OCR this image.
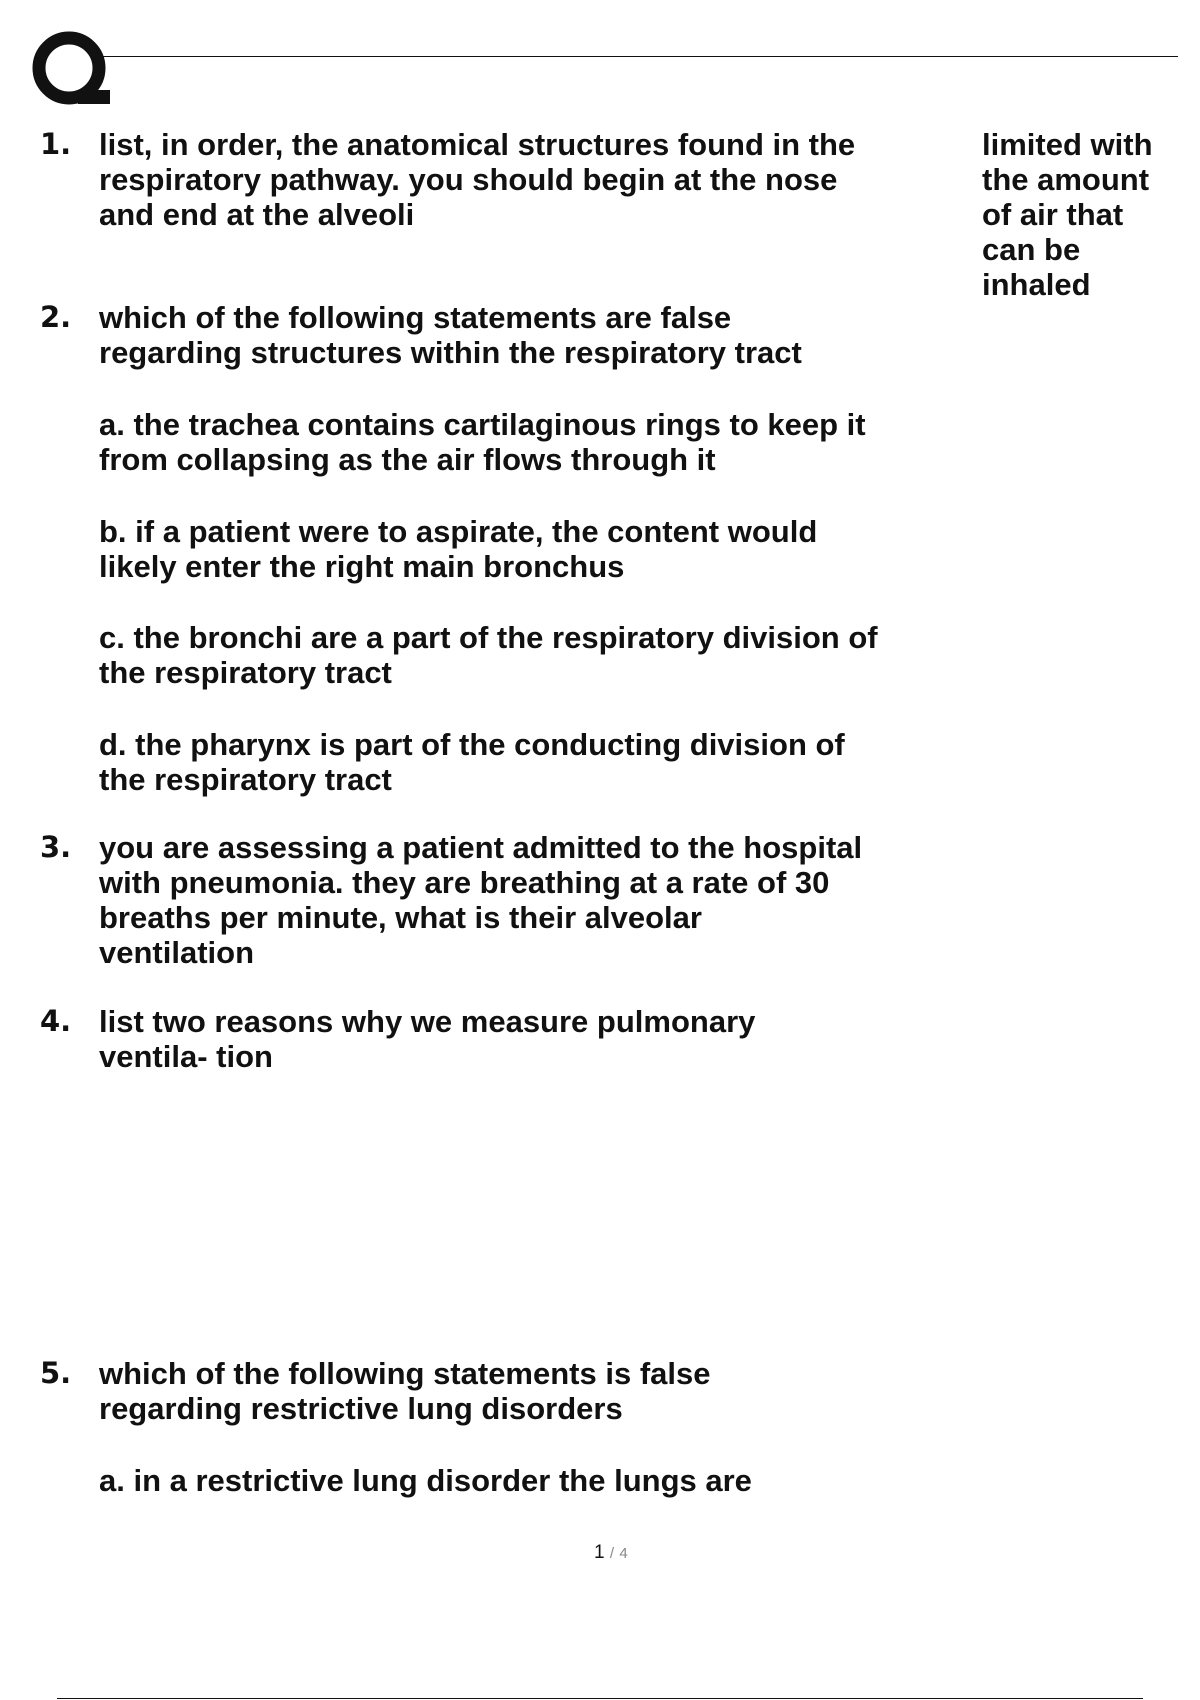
limited with
the amount
of air that
can be
inhaled
1. list, in order, the anatomical structures found in the
respiratory pathway. you should begin at the nose
and end at the alveoli
2. which of the following statements are false
regarding structures within the respiratory tract
a. the trachea contains cartilaginous rings to keep it
from collapsing as the air flows through it
b. if a patient were to aspirate, the content would
likely enter the right main bronchus
c. the bronchi are a part of the respiratory division of
the respiratory tract
d. the pharynx is part of the conducting division of
the respiratory tract
3. you are assessing a patient admitted to the hospital
with pneumonia. they are breathing at a rate of 30
breaths per minute, what is their alveolar
ventilation
4. list two reasons why we measure pulmonary
ventila- tion
5. which of the following statements is false
regarding restrictive lung disorders
a. in a restrictive lung disorder the lungs are
1 / 4
